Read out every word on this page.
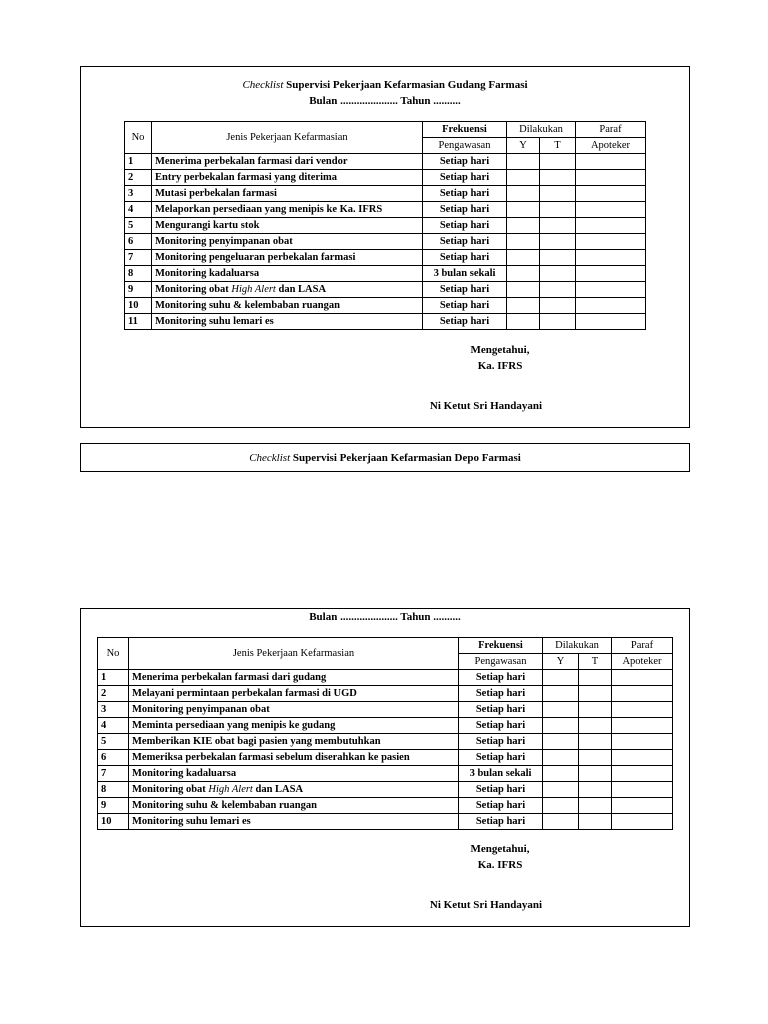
Checklist Supervisi Pekerjaan Kefarmasian Gudang Farmasi
Bulan ..................... Tahun ..........
No	Jenis Pekerjaan Kefarmasian	Frekuensi	Dilakukan		Paraf
		Pengawasan	Y	T	Apoteker
1	Menerima perbekalan farmasi dari vendor	Setiap hari			
2	Entry perbekalan farmasi yang diterima	Setiap hari			
3	Mutasi perbekalan farmasi	Setiap hari			
4	Melaporkan persediaan yang menipis ke Ka. IFRS	Setiap hari			
5	Mengurangi kartu stok	Setiap hari			
6	Monitoring penyimpanan obat	Setiap hari			
7	Monitoring pengeluaran perbekalan farmasi	Setiap hari			
8	Monitoring kadaluarsa	3 bulan sekali			
9	Monitoring obat High Alert dan LASA	Setiap hari			
10	Monitoring suhu & kelembaban ruangan	Setiap hari			
11	Monitoring suhu lemari es	Setiap hari			
Mengetahui,
Ka. IFRS
Ni Ketut Sri Handayani
Checklist Supervisi Pekerjaan Kefarmasian Depo Farmasi
Bulan ..................... Tahun ..........
No	Jenis Pekerjaan Kefarmasian	Frekuensi	Dilakukan		Paraf
		Pengawasan	Y	T	Apoteker
1	Menerima perbekalan farmasi dari gudang	Setiap hari			
2	Melayani permintaan perbekalan farmasi di UGD	Setiap hari			
3	Monitoring penyimpanan obat	Setiap hari			
4	Meminta persediaan yang menipis ke gudang	Setiap hari			
5	Memberikan KIE obat bagi pasien yang membutuhkan	Setiap hari			
6	Memeriksa perbekalan farmasi sebelum diserahkan ke pasien	Setiap hari			
7	Monitoring kadaluarsa	3 bulan sekali			
8	Monitoring obat High Alert dan LASA	Setiap hari			
9	Monitoring suhu & kelembaban ruangan	Setiap hari			
10	Monitoring suhu lemari es	Setiap hari			
Mengetahui,
Ka. IFRS
Ni Ketut Sri Handayani
